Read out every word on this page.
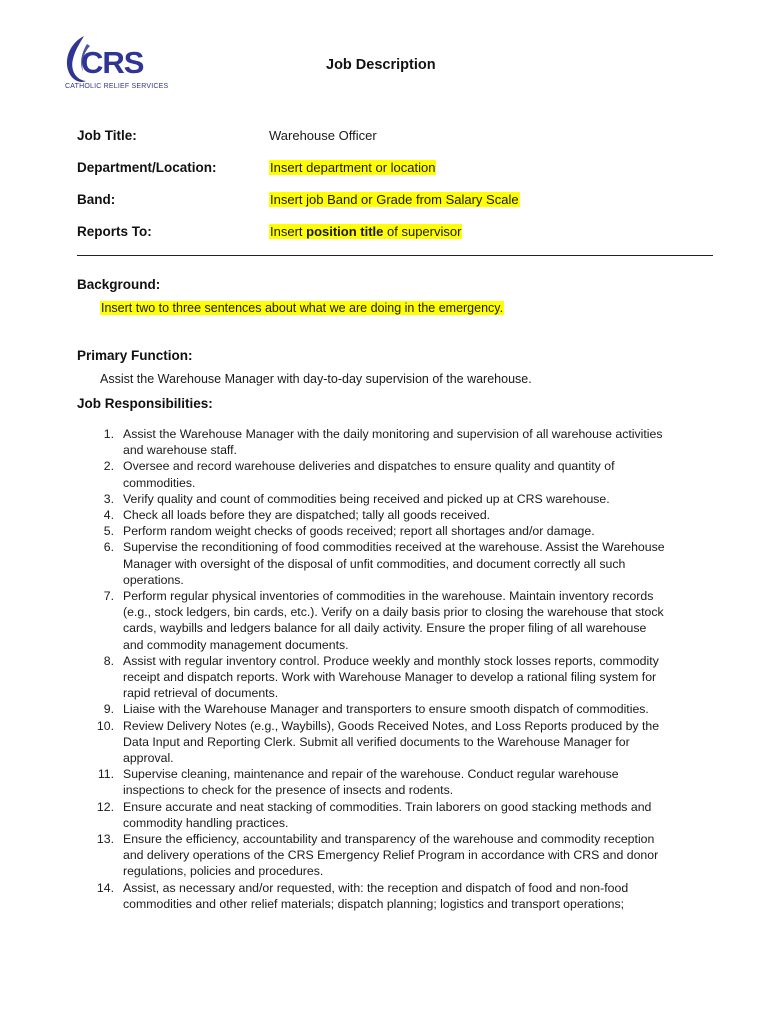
CRS
CATHOLIC RELIEF SERVICES
Job Description
Job Title:	Warehouse Officer
Department/Location:	Insert department or location
Band:	Insert job Band or Grade from Salary Scale
Reports To:	Insert position title of supervisor
Background:
Insert two to three sentences about what we are doing in the emergency.
Primary Function:
Assist the Warehouse Manager with day-to-day supervision of the warehouse.
Job Responsibilities:
1. Assist the Warehouse Manager with the daily monitoring and supervision of all warehouse activities
and warehouse staff.
2. Oversee and record warehouse deliveries and dispatches to ensure quality and quantity of
commodities.
3. Verify quality and count of commodities being received and picked up at CRS warehouse.
4. Check all loads before they are dispatched; tally all goods received.
5. Perform random weight checks of goods received; report all shortages and/or damage.
6. Supervise the reconditioning of food commodities received at the warehouse. Assist the Warehouse
Manager with oversight of the disposal of unfit commodities, and document correctly all such
operations.
7. Perform regular physical inventories of commodities in the warehouse. Maintain inventory records
(e.g., stock ledgers, bin cards, etc.). Verify on a daily basis prior to closing the warehouse that stock
cards, waybills and ledgers balance for all daily activity. Ensure the proper filing of all warehouse
and commodity management documents.
8. Assist with regular inventory control. Produce weekly and monthly stock losses reports, commodity
receipt and dispatch reports. Work with Warehouse Manager to develop a rational filing system for
rapid retrieval of documents.
9. Liaise with the Warehouse Manager and transporters to ensure smooth dispatch of commodities.
10. Review Delivery Notes (e.g., Waybills), Goods Received Notes, and Loss Reports produced by the
Data Input and Reporting Clerk. Submit all verified documents to the Warehouse Manager for
approval.
11. Supervise cleaning, maintenance and repair of the warehouse. Conduct regular warehouse
inspections to check for the presence of insects and rodents.
12. Ensure accurate and neat stacking of commodities. Train laborers on good stacking methods and
commodity handling practices.
13. Ensure the efficiency, accountability and transparency of the warehouse and commodity reception
and delivery operations of the CRS Emergency Relief Program in accordance with CRS and donor
regulations, policies and procedures.
14. Assist, as necessary and/or requested, with: the reception and dispatch of food and non-food
commodities and other relief materials; dispatch planning; logistics and transport operations;
